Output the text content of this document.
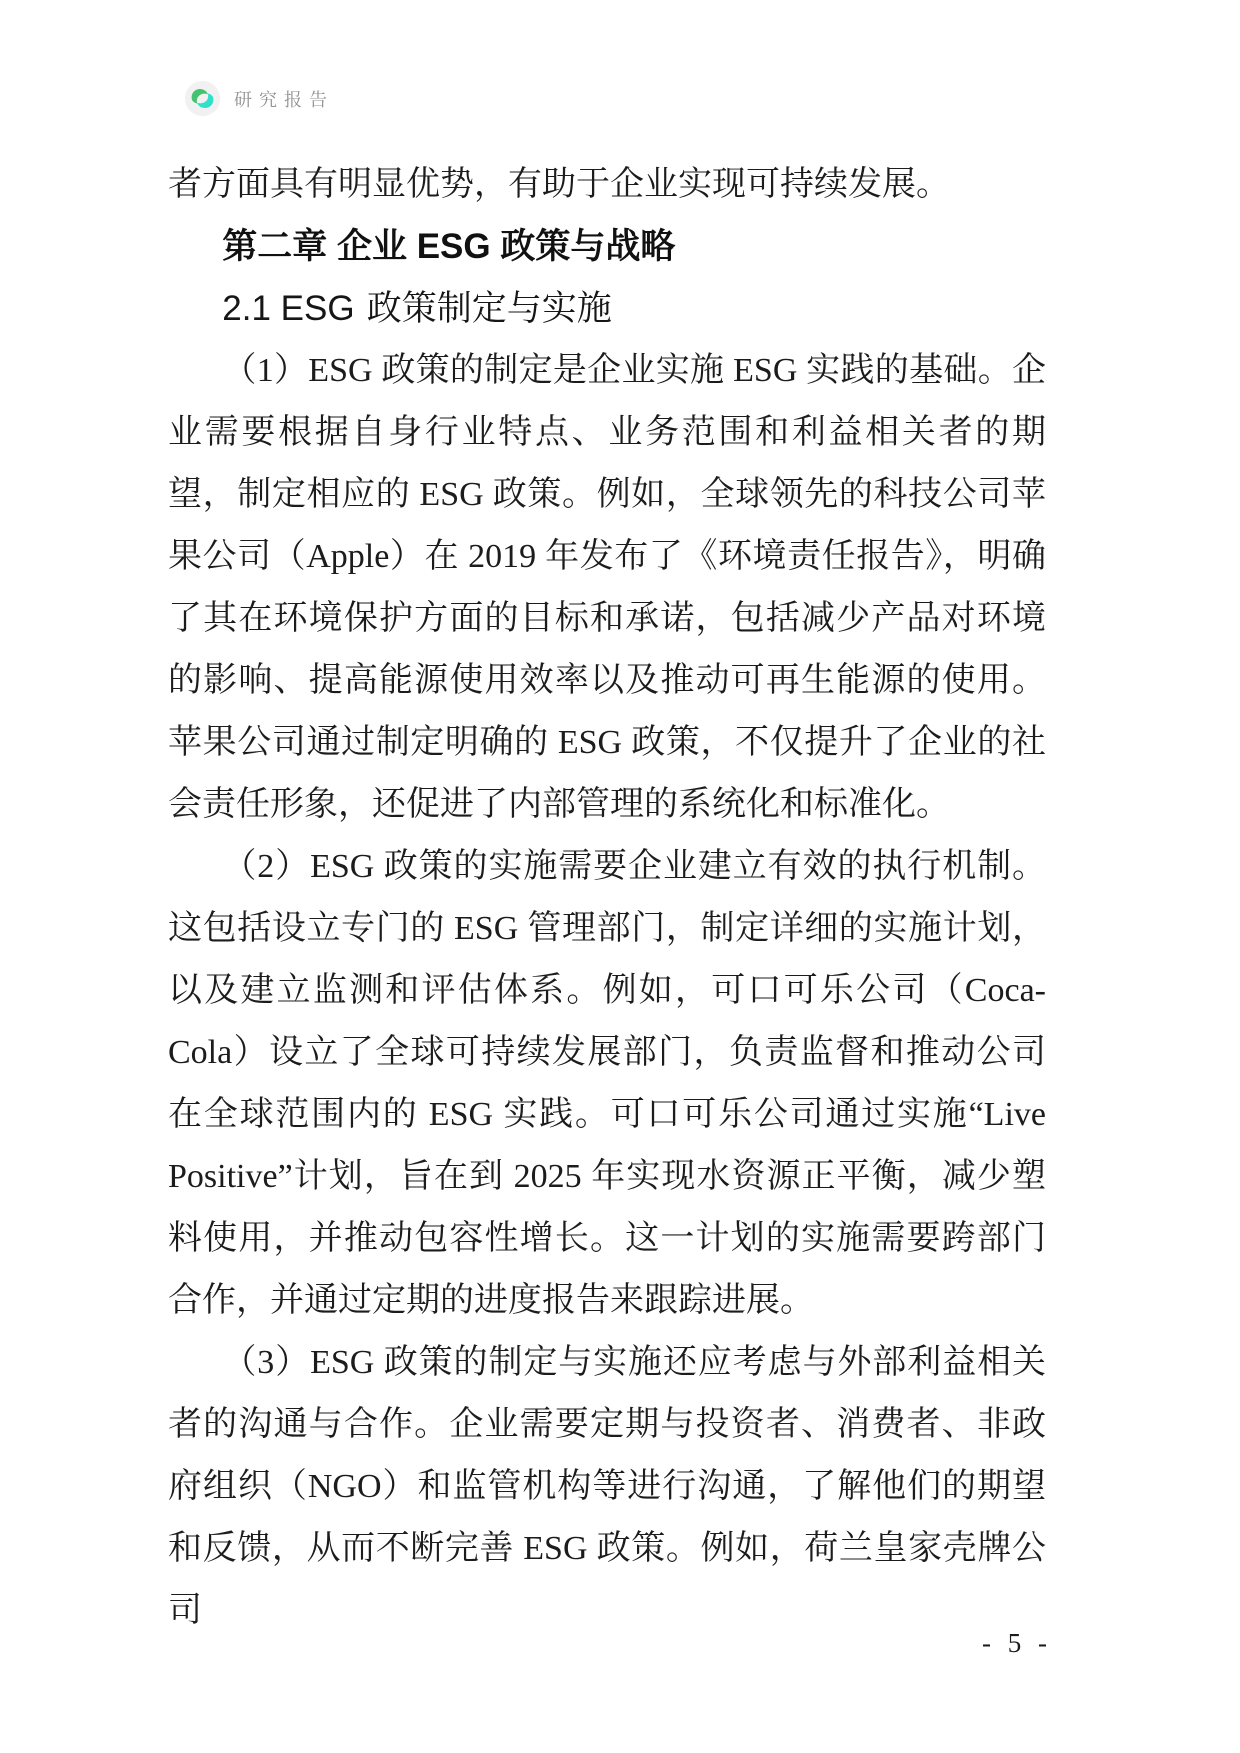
研究报告

者方面具有明显优势，有助于企业实现可持续发展。

第二章 企业 ESG 政策与战略
2.1 ESG 政策制定与实施

（1）ESG 政策的制定是企业实施 ESG 实践的基础。企业需要根据自身行业特点、业务范围和利益相关者的期望，制定相应的 ESG 政策。例如，全球领先的科技公司苹果公司（Apple）在 2019 年发布了《环境责任报告》，明确了其在环境保护方面的目标和承诺，包括减少产品对环境的影响、提高能源使用效率以及推动可再生能源的使用。苹果公司通过制定明确的 ESG 政策，不仅提升了企业的社会责任形象，还促进了内部管理的系统化和标准化。

（2）ESG 政策的实施需要企业建立有效的执行机制。这包括设立专门的 ESG 管理部门，制定详细的实施计划，以及建立监测和评估体系。例如，可口可乐公司（Coca-Cola）设立了全球可持续发展部门，负责监督和推动公司在全球范围内的 ESG 实践。可口可乐公司通过实施“Live Positive”计划，旨在到 2025 年实现水资源正平衡，减少塑料使用，并推动包容性增长。这一计划的实施需要跨部门合作，并通过定期的进度报告来跟踪进展。

（3）ESG 政策的制定与实施还应考虑与外部利益相关者的沟通与合作。企业需要定期与投资者、消费者、非政府组织（NGO）和监管机构等进行沟通，了解他们的期望和反馈，从而不断完善 ESG 政策。例如，荷兰皇家壳牌公司

- 5 -
